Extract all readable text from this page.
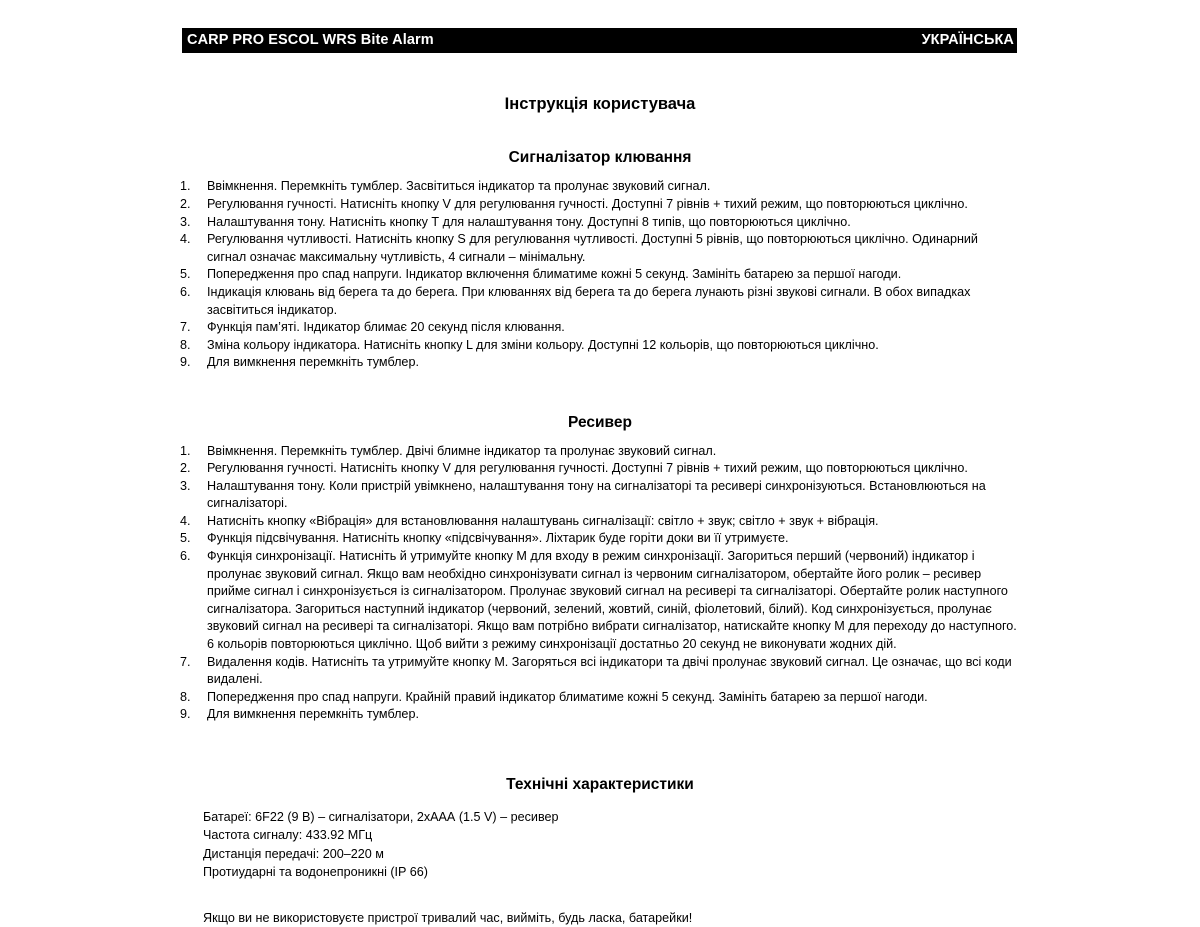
CARP PRO ESCOL WRS Bite Alarm	УКРАЇНСЬКА
Інструкція користувача
Сигналізатор клювання
1.	Ввімкнення. Перемкніть тумблер. Засвітиться індикатор та пролунає звуковий сигнал.
2.	Регулювання гучності. Натисніть кнопку V для регулювання гучності. Доступні 7 рівнів + тихий режим, що повторюються циклічно.
3.	Налаштування тону. Натисніть кнопку Т для налаштування тону. Доступні 8 типів, що повторюються циклічно.
4.	Регулювання чутливості. Натисніть кнопку S для регулювання чутливості. Доступні 5 рівнів, що повторюються циклічно. Одинарний сигнал означає максимальну чутливість, 4 сигнали – мінімальну.
5.	Попередження про спад напруги. Індикатор включення блиматиме кожні 5 секунд. Замініть батарею за першої нагоди.
6.	Індикація клювань від берега та до берега. При клюваннях від берега та до берега лунають різні звукові сигнали. В обох випадках засвітиться індикатор.
7.	Функція пам’яті. Індикатор блимає 20 секунд після клювання.
8.	Зміна кольору індикатора. Натисніть кнопку L для зміни кольору. Доступні 12 кольорів, що повторюються циклічно.
9.	Для вимкнення перемкніть тумблер.
Ресивер
1.	Ввімкнення. Перемкніть тумблер. Двічі блимне індикатор та пролунає звуковий сигнал.
2.	Регулювання гучності. Натисніть кнопку V для регулювання гучності. Доступні 7 рівнів + тихий режим, що повторюються циклічно.
3.	Налаштування тону. Коли пристрій увімкнено, налаштування тону на сигналізаторі та ресивері синхронізуються. Встановлюються на сигналізаторі.
4.	Натисніть кнопку «Вібрація» для встановлювання налаштувань сигналізації: світло + звук; світло + звук + вібрація.
5.	Функція підсвічування. Натисніть кнопку «підсвічування». Ліхтарик буде горіти доки ви її утримуєте.
6.	Функція синхронізації. Натисніть й утримуйте кнопку М для входу в режим синхронізації. Загориться перший (червоний) індикатор і пролунає звуковий сигнал. Якщо вам необхідно синхронізувати сигнал із червоним сигналізатором, обертайте його ролик – ресивер прийме сигнал і синхронізується із сигналізатором. Пролунає звуковий сигнал на ресивері та сигналізаторі. Обертайте ролик наступного сигналізатора. Загориться наступний індикатор (червоний, зелений, жовтий, синій, фіолетовий, білий). Код синхронізується, пролунає звуковий сигнал на ресивері та сигналізаторі. Якщо вам потрібно вибрати сигналізатор, натискайте кнопку М для переходу до наступного. 6 кольорів повторюються циклічно. Щоб вийти з режиму синхронізації достатньо 20 секунд не виконувати жодних дій.
7.	Видалення кодів. Натисніть та утримуйте кнопку М. Загоряться всі індикатори та двічі пролунає звуковий сигнал. Це означає, що всі коди видалені.
8.	Попередження про спад напруги. Крайній правий індикатор блиматиме кожні 5 секунд. Замініть батарею за першої нагоди.
9.	Для вимкнення перемкніть тумблер.
Технічні характеристики
Батареї: 6F22 (9 В) – сигналізатори, 2хААА (1.5 V) – ресивер
Частота сигналу: 433.92 МГц
Дистанція передачі: 200–220 м
Протиударні та водонепроникні (IP 66)
Якщо ви не використовуєте пристрої тривалий час, вийміть, будь ласка, батарейки!
